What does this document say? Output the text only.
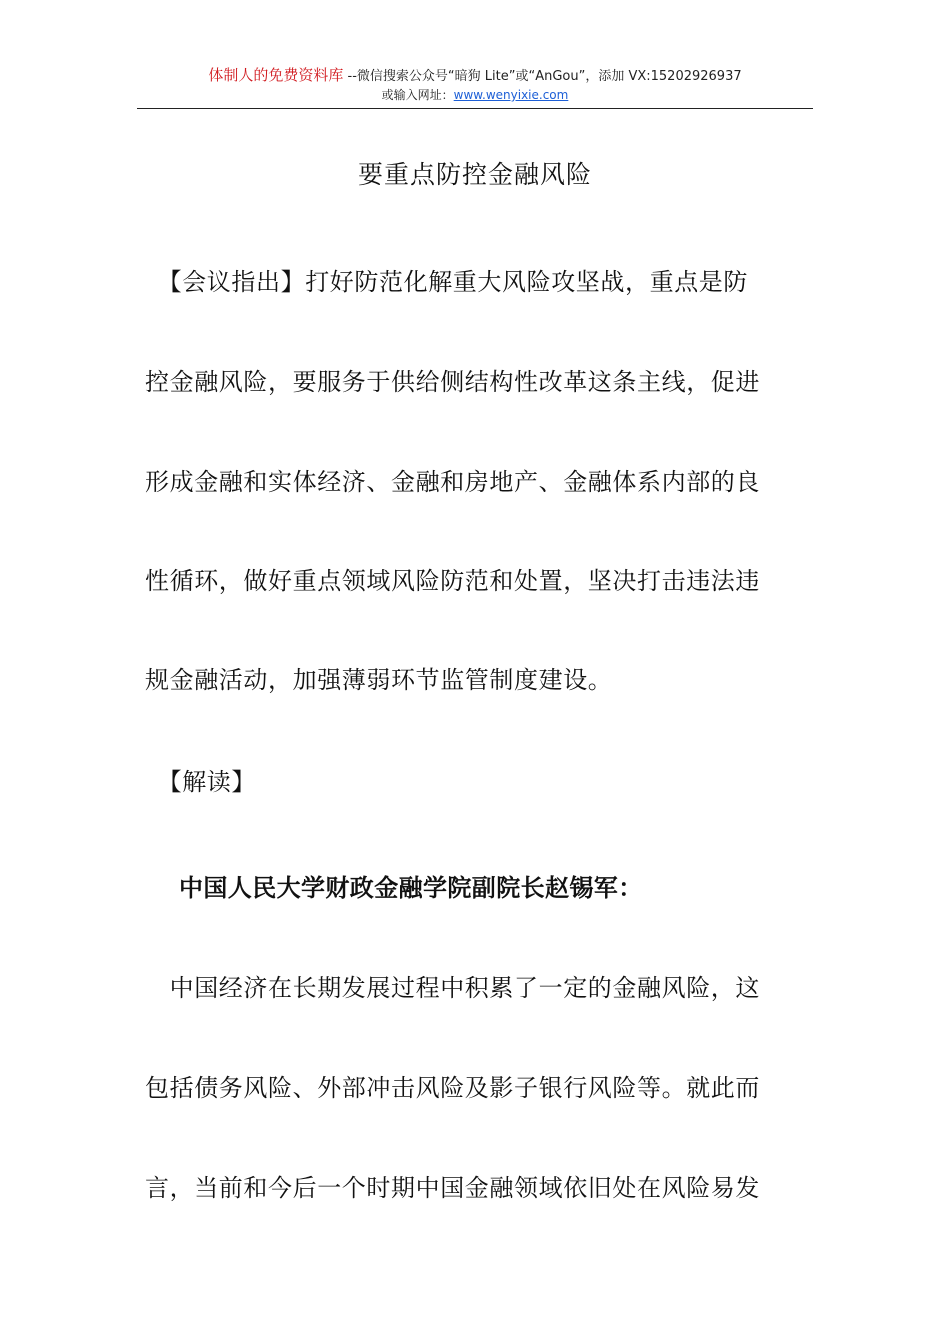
体制人的免费资料库 --微信搜索公众号“暗狗 Lite”或“AnGou”，添加 VX:15202926937
或输入网址：www.wenyixie.com
要重点防控金融风险
　【会议指出】打好防范化解重大风险攻坚战，重点是防
控金融风险，要服务于供给侧结构性改革这条主线，促进
形成金融和实体经济、金融和房地产、金融体系内部的良
性循环，做好重点领域风险防范和处置，坚决打击违法违
规金融活动，加强薄弱环节监管制度建设。
　【解读】
中国人民大学财政金融学院副院长赵锡军：
　中国经济在长期发展过程中积累了一定的金融风险，这
包括债务风险、外部冲击风险及影子银行风险等。就此而
言，当前和今后一个时期中国金融领域依旧处在风险易发
